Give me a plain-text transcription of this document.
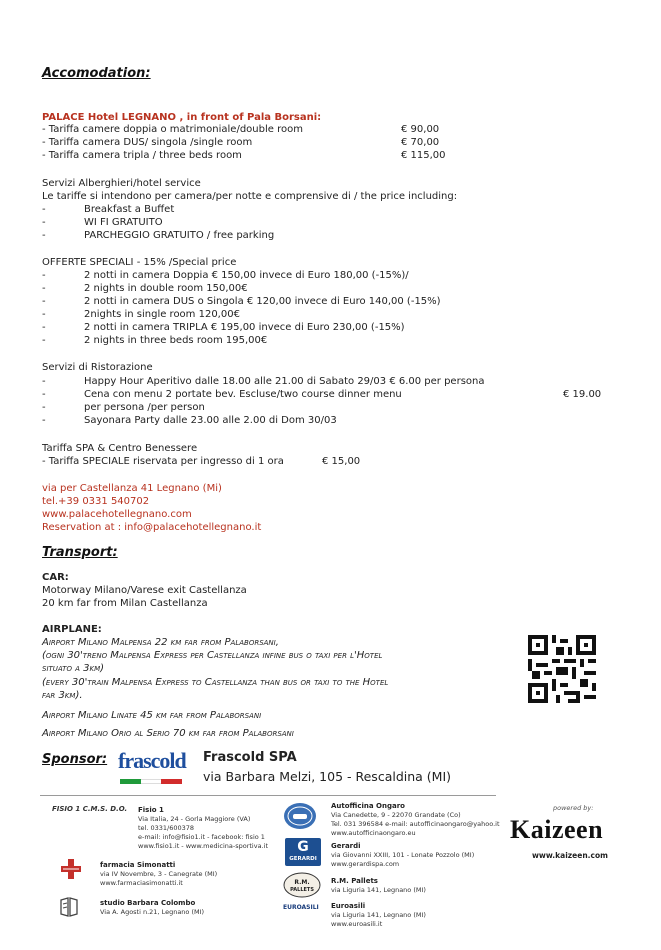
Accomodation:
PALACE Hotel LEGNANO , in front of Pala Borsani:
- Tariffa camere doppia o matrimoniale/double room	€ 90,00
- Tariffa camera DUS/ singola /single room	€ 70,00
- Tariffa camera tripla / three beds room	€ 115,00
Servizi Alberghieri/hotel service
Le tariffe si intendono per camera/per notte e comprensive di / the price including:
-	Breakfast a Buffet
-	WI FI GRATUITO
-	PARCHEGGIO GRATUITO / free parking
OFFERTE SPECIALI - 15% /Special price
-	2 notti in camera Doppia € 150,00 invece di Euro 180,00 (-15%)/
-	2 nights in double room 150,00€
-	2 notti in camera DUS o Singola € 120,00 invece di Euro 140,00 (-15%)
-	2nights in single room 120,00€
-	2 notti in camera TRIPLA € 195,00 invece di Euro 230,00 (-15%)
-	2 nights in three beds room 195,00€
Servizi di Ristorazione
-	Happy Hour Aperitivo dalle 18.00 alle 21.00 di Sabato 29/03 € 6.00 per persona
-	Cena con menu 2 portate bev. Escluse/two course dinner menu	€ 19.00
-	per persona /per person
-	Sayonara Party dalle 23.00 alle 2.00 di Dom 30/03
Tariffa SPA & Centro Benessere
- Tariffa SPECIALE riservata per ingresso di 1 ora	€ 15,00
via per Castellanza 41 Legnano (Mi)
tel.+39 0331 540702
www.palacehotellegnano.com
Reservation at : info@palacehotellegnano.it
Transport:
CAR:
Motorway Milano/Varese exit Castellanza
20 km far from Milan Castellanza
AIRPLANE:
Airport Milano Malpensa 22 km far from Palaborsani,
(ogni 30'treno Malpensa Express per Castellanza infine bus o taxi per l'Hotel
situato a 3km)
(every 30'train Malpensa Express to Castellanza than bus or taxi to the Hotel
far 3km).
Airport Milano Linate 45 km far from Palaborsani
Airport Milano Orio al Serio 70 km far from Palaborsani
Sponsor: frascold Frascold SPA
via Barbara Melzi, 105 - Rescaldina (MI)
FISIO 1 C.M.S. D.O. Fisio 1
Via Italia, 24 - Gorla Maggiore (VA)
tel. 0331/600378
e-mail: info@fisio1.it - facebook: fisio 1
www.fisio1.it - www.medicina-sportiva.it
farmacia Simonatti
via IV Novembre, 3 - Canegrate (MI)
www.farmaciasimonatti.it
studio Barbara Colombo
Via A. Agosti n.21, Legnano (MI)
Autofficina Ongaro
Via Canedette, 9 - 22070 Grandate (Co)
Tel. 031 396584 e-mail: autofficinaongaro@yahoo.it
www.autofficinaongaro.eu
G
GERARDI
Gerardi
via Giovanni XXIII, 101 - Lonate Pozzolo (MI)
www.gerardispa.com
R.M.
PALLETS
R.M. Pallets
via Liguria 141, Legnano (MI)
EUROASILI Euroasili
via Liguria 141, Legnano (MI)
www.euroasili.it
powered by:
Kaizeen
www.kaizeen.com
